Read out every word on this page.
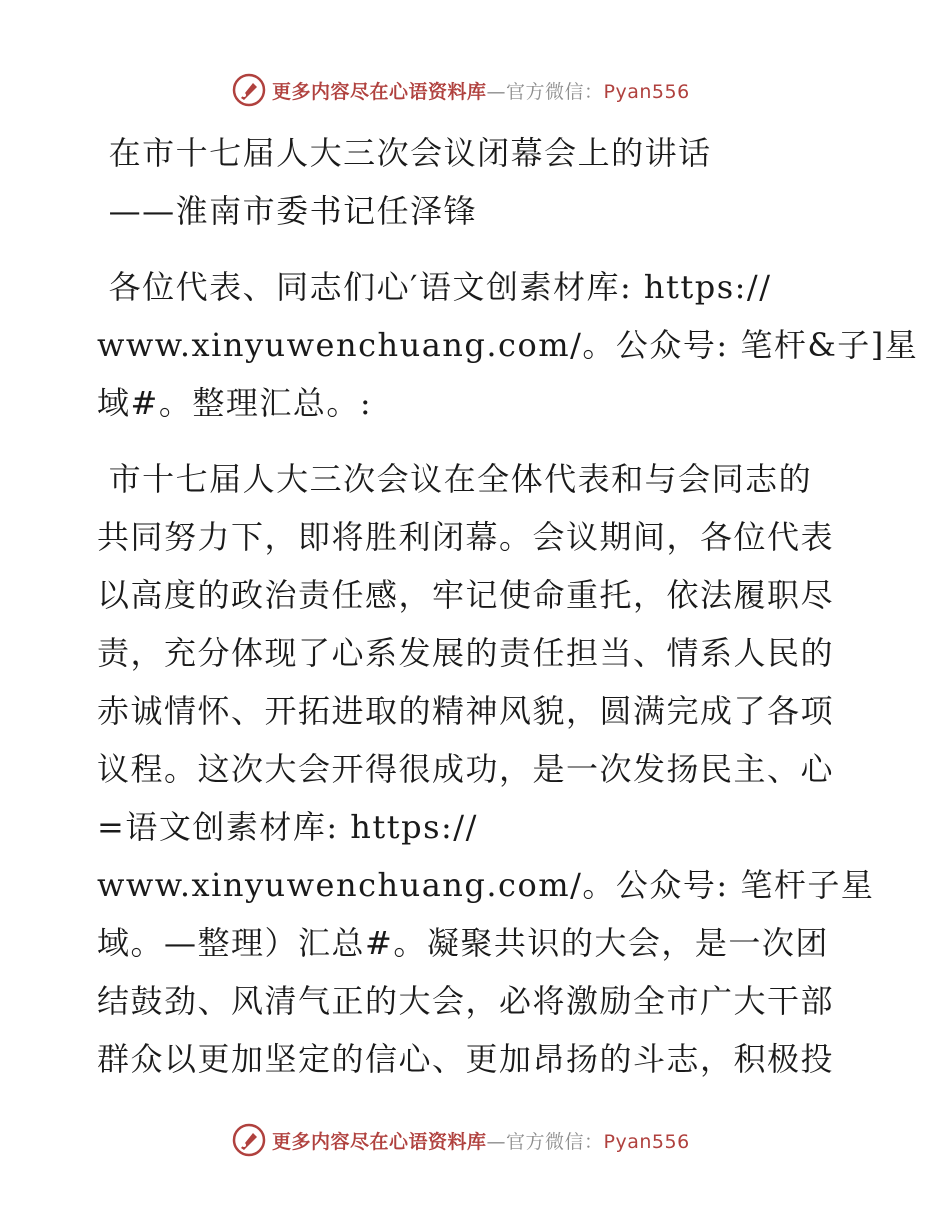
更多内容尽在心语资料库—官方微信：Pyan556
在市十七届人大三次会议闭幕会上的讲话
——淮南市委书记任泽锋
各位代表、同志们心′语文创素材库: https://
www.xinyuwenchuang.com/。公众号: 笔杆&子]星
域#。整理汇总。:
市十七届人大三次会议在全体代表和与会同志的
共同努力下，即将胜利闭幕。会议期间，各位代表
以高度的政治责任感，牢记使命重托，依法履职尽
责，充分体现了心系发展的责任担当、情系人民的
赤诚情怀、开拓进取的精神风貌，圆满完成了各项
议程。这次大会开得很成功，是一次发扬民主、心
=语文创素材库: https://
www.xinyuwenchuang.com/。公众号: 笔杆子星
域。—整理）汇总#。凝聚共识的大会，是一次团
结鼓劲、风清气正的大会，必将激励全市广大干部
群众以更加坚定的信心、更加昂扬的斗志，积极投
更多内容尽在心语资料库—官方微信：Pyan556
